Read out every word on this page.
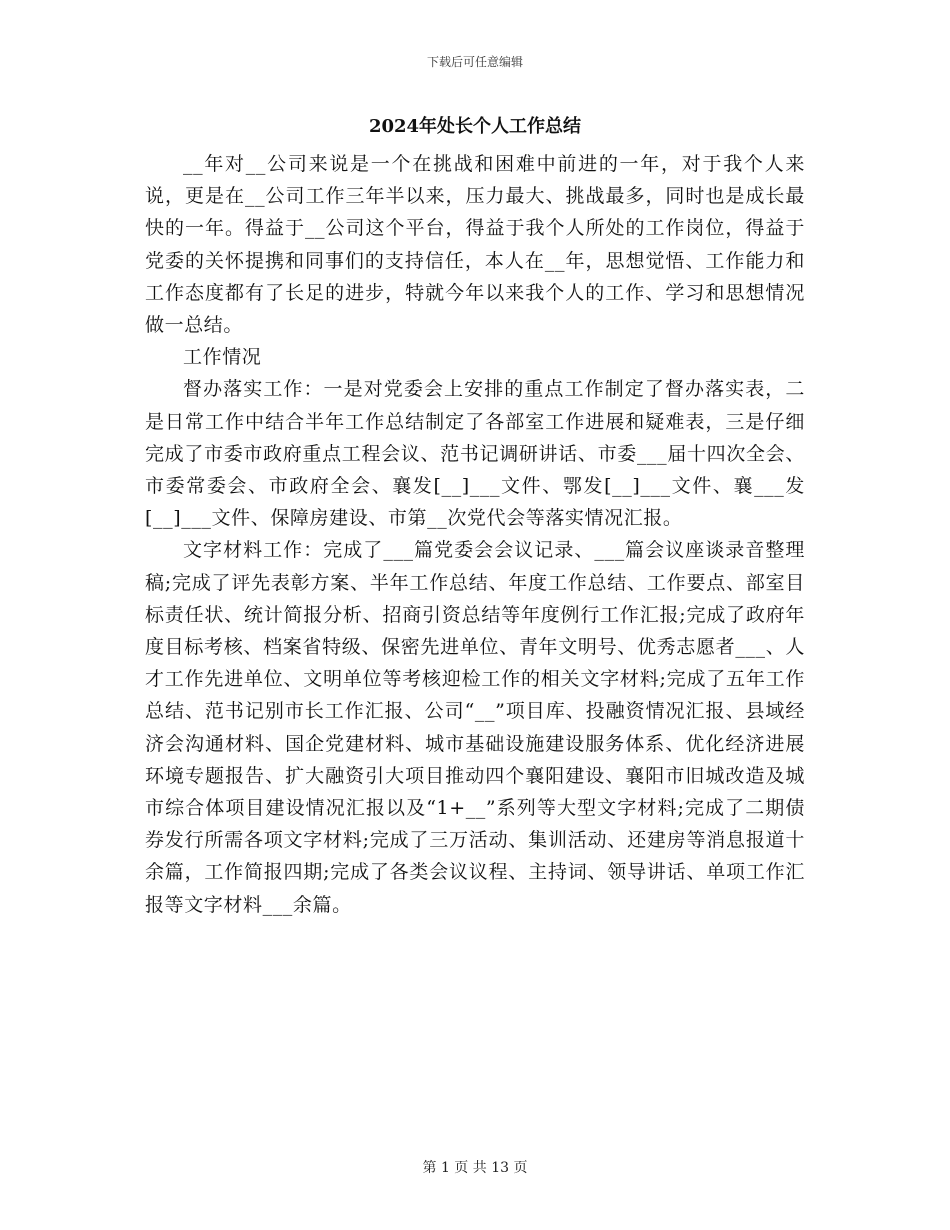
下载后可任意编辑
2024年处长个人工作总结

__年对__公司来说是一个在挑战和困难中前进的一年，对于我个人来说，更是在__公司工作三年半以来，压力最大、挑战最多，同时也是成长最快的一年。得益于__公司这个平台，得益于我个人所处的工作岗位，得益于党委的关怀提携和同事们的支持信任，本人在__年，思想觉悟、工作能力和工作态度都有了长足的进步，特就今年以来我个人的工作、学习和思想情况做一总结。

工作情况

督办落实工作：一是对党委会上安排的重点工作制定了督办落实表，二是日常工作中结合半年工作总结制定了各部室工作进展和疑难表，三是仔细完成了市委市政府重点工程会议、范书记调研讲话、市委___届十四次全会、市委常委会、市政府全会、襄发[__]___文件、鄂发[__]___文件、襄___发[__]___文件、保障房建设、市第__次党代会等落实情况汇报。

文字材料工作：完成了___篇党委会会议记录、___篇会议座谈录音整理稿;完成了评先表彰方案、半年工作总结、年度工作总结、工作要点、部室目标责任状、统计简报分析、招商引资总结等年度例行工作汇报;完成了政府年度目标考核、档案省特级、保密先进单位、青年文明号、优秀志愿者___、人才工作先进单位、文明单位等考核迎检工作的相关文字材料;完成了五年工作总结、范书记别市长工作汇报、公司“__”项目库、投融资情况汇报、县域经济会沟通材料、国企党建材料、城市基础设施建设服务体系、优化经济进展环境专题报告、扩大融资引大项目推动四个襄阳建设、襄阳市旧城改造及城市综合体项目建设情况汇报以及“1+__”系列等大型文字材料;完成了二期债券发行所需各项文字材料;完成了三万活动、集训活动、还建房等消息报道十余篇，工作简报四期;完成了各类会议议程、主持词、领导讲话、单项工作汇报等文字材料___余篇。

第 1 页 共 13 页
